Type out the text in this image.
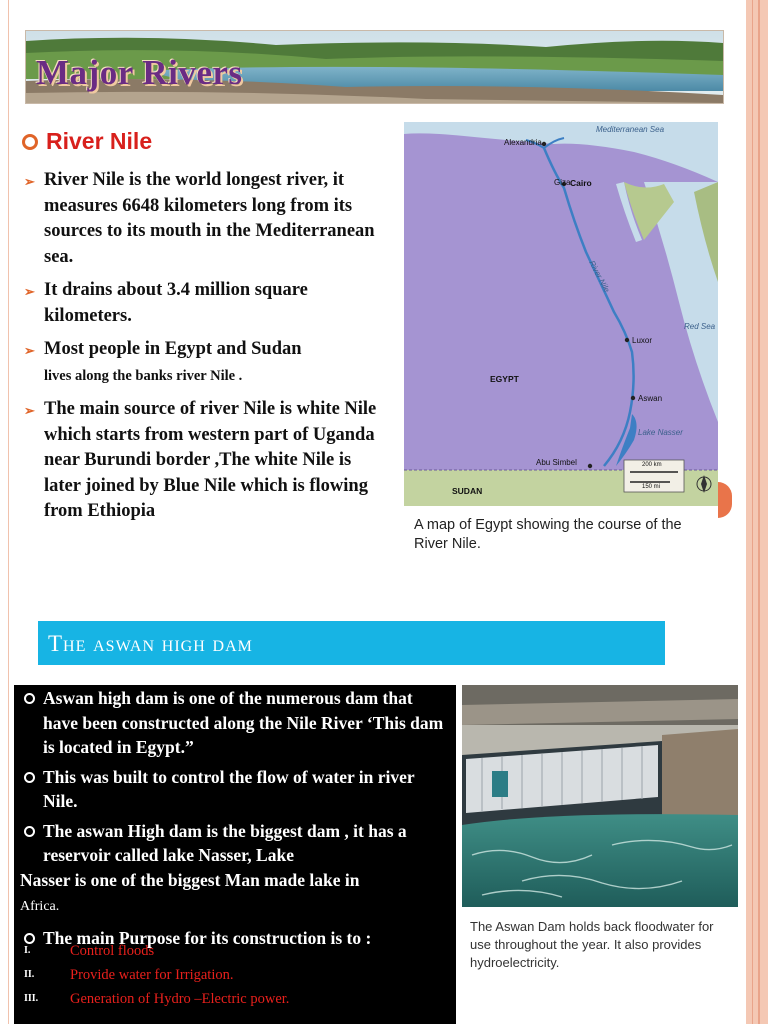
Major Rivers
River Nile
➢ River Nile is the world longest river, it measures 6648 kilometers long from its sources to its mouth in the Mediterranean sea.
➢ It drains about 3.4 million square kilometers.
➢ Most people in Egypt and Sudan
lives along the banks river Nile .
➢ The main source of river Nile is white Nile which starts from western part of Uganda near Burundi border ,The white Nile is later joined by Blue Nile which is flowing from Ethiopia
Mediterranean Sea
Alexandria
Giza Cairo
River Nile
Red Sea
Luxor
EGYPT
Aswan
Lake Nasser
Abu Simbel
SUDAN
200 km
150 mi
A map of Egypt showing the course of the River Nile.
The aswan high dam
Aswan high dam is one of the numerous dam that have been constructed along the Nile River ‘This dam is located in Egypt.”
This was built to control the flow of water in river Nile.
The aswan High dam is the biggest dam , it has a reservoir called lake Nasser, Lake
Nasser is one of the biggest Man made lake in
Africa.
The main Purpose for its construction is to :
I.	Control floods
II.	Provide water for Irrigation.
III.	Generation of Hydro –Electric power.
The Aswan Dam holds back floodwater for use throughout the year. It also provides hydroelectricity.
